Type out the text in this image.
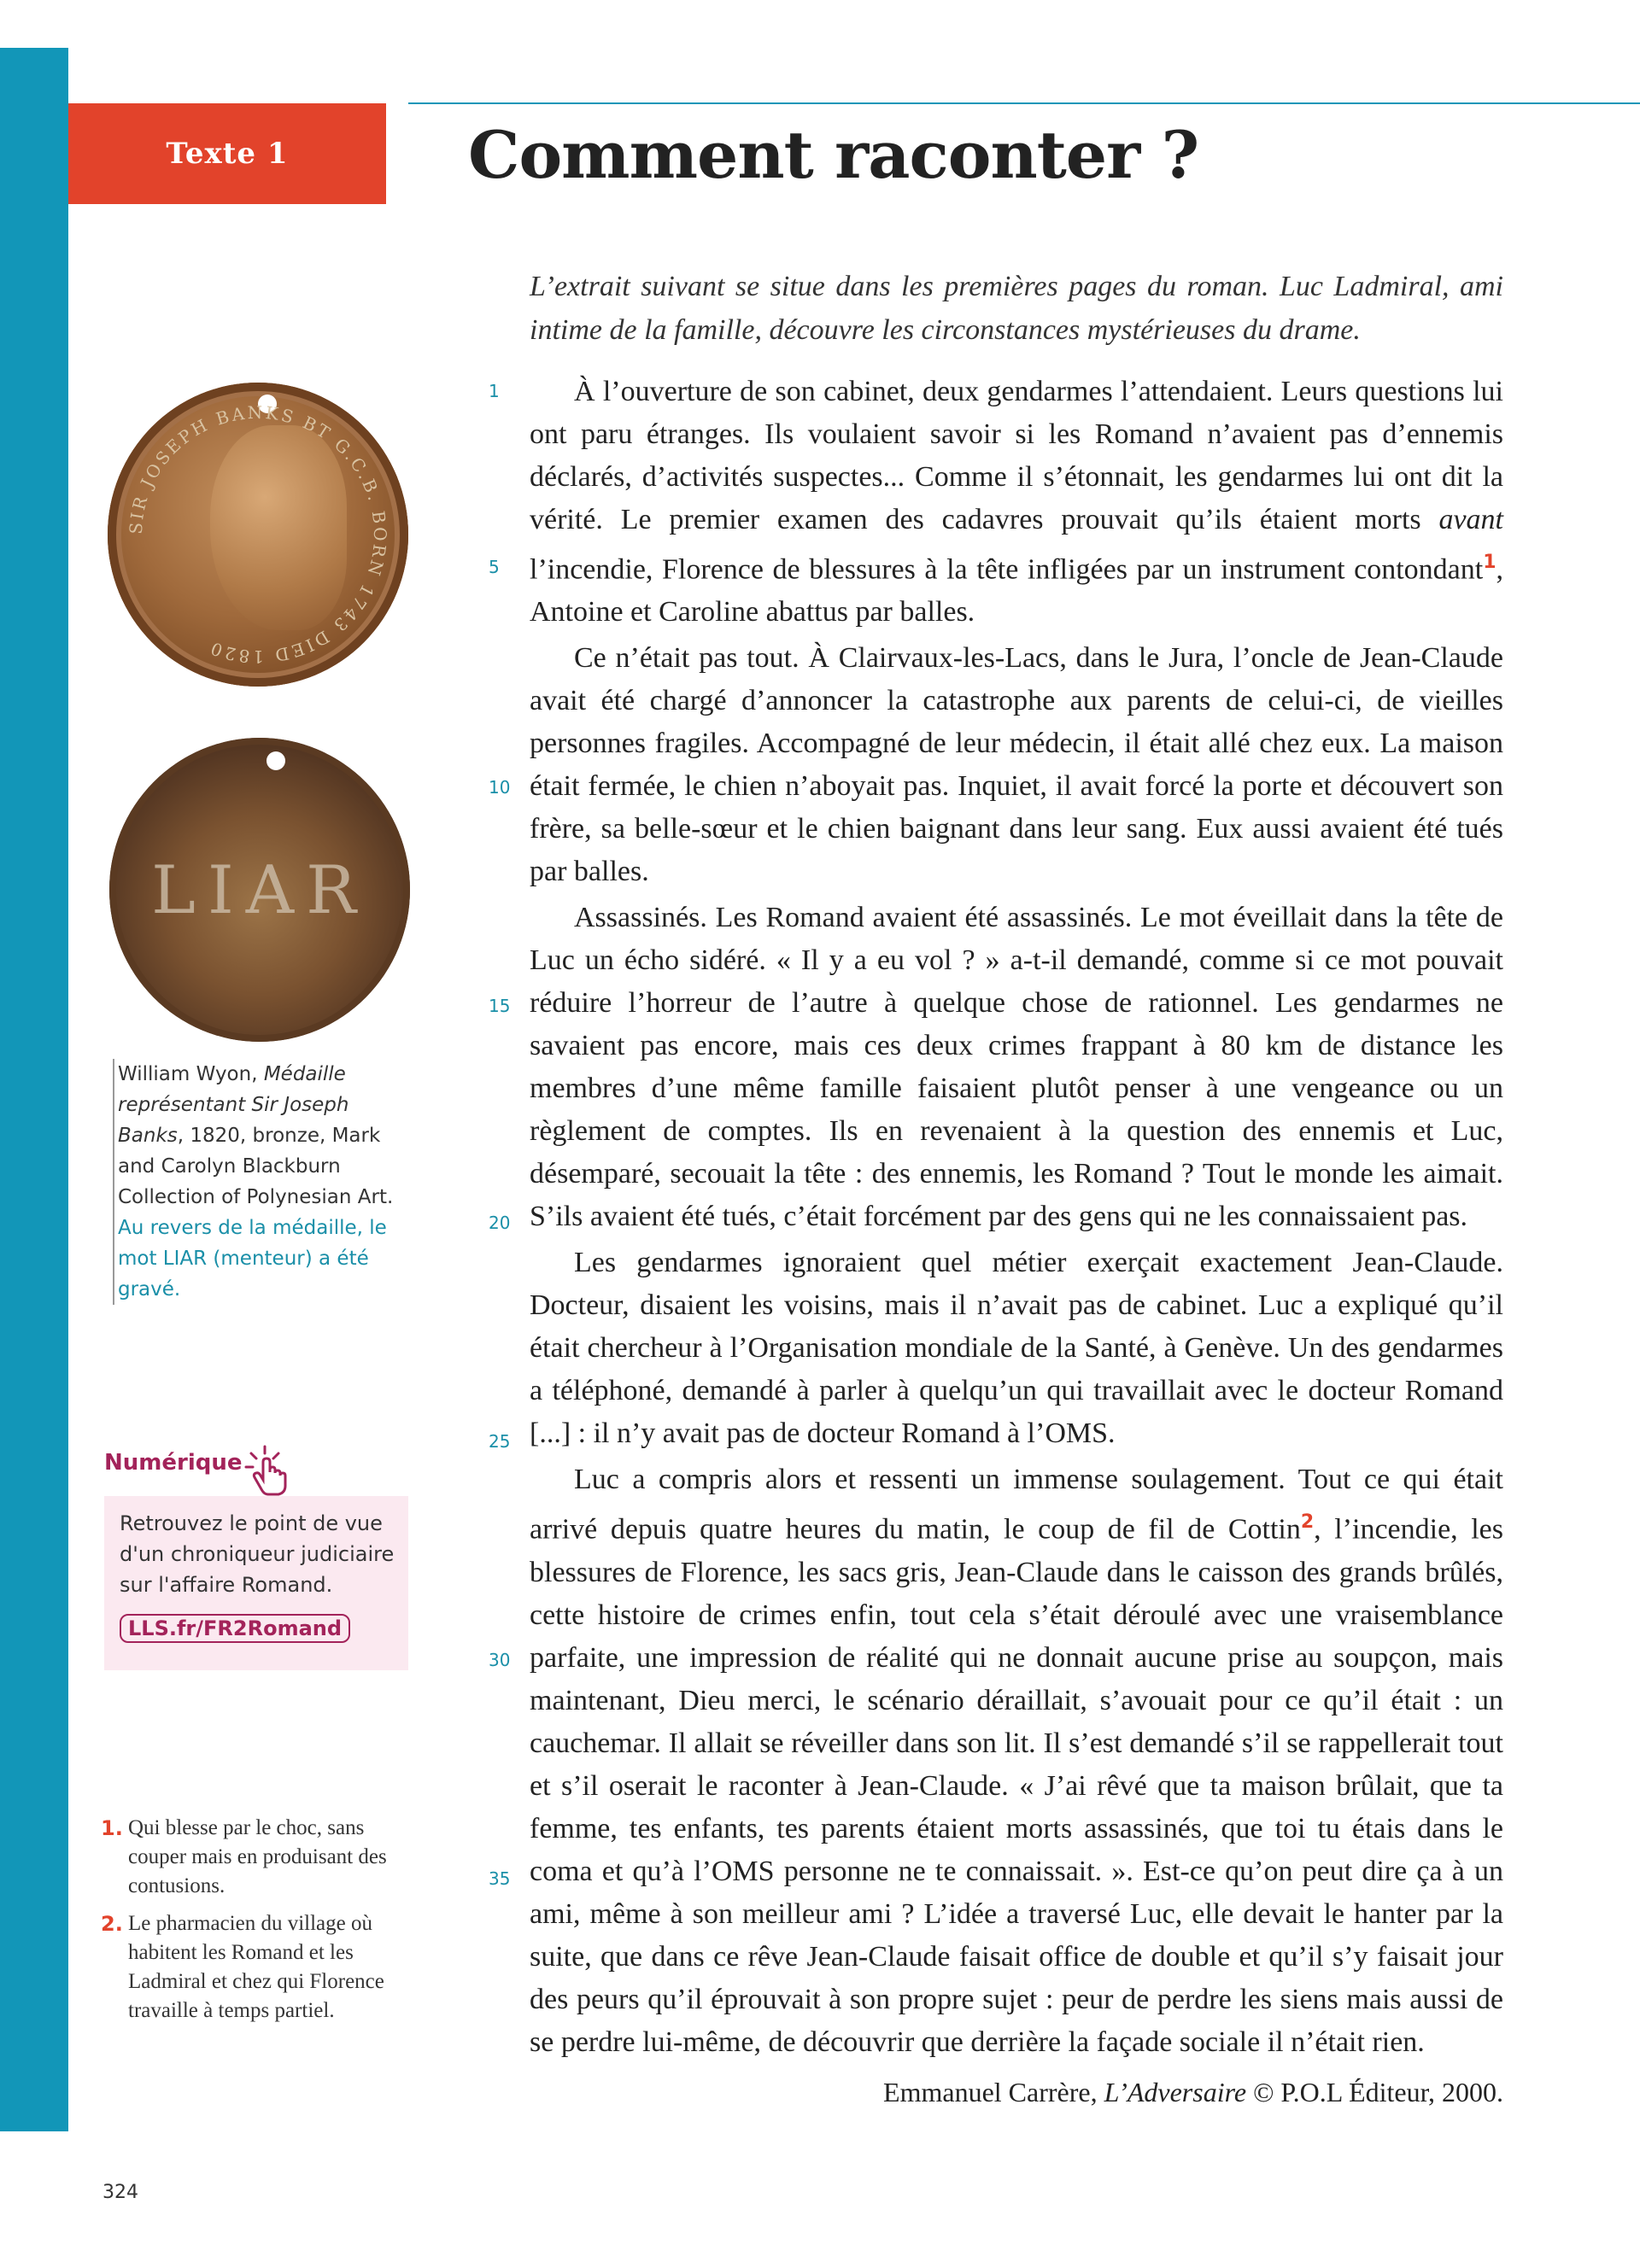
Texte 1	Comment raconter ?
SIR JOSEPH BANKS BT G.C.B. BORN 1743 DIED 1820
LIAR
William Wyon, Médaille représentant Sir Joseph Banks, 1820, bronze, Mark and Carolyn Blackburn Collection of Polynesian Art.
Au revers de la médaille, le mot LIAR (menteur) a été gravé.
Numérique
Retrouvez le point de vue d'un chroniqueur judiciaire sur l'affaire Romand.
LLS.fr/FR2Romand
1. Qui blesse par le choc, sans couper mais en produisant des contusions.
2. Le pharmacien du village où habitent les Romand et les Ladmiral et chez qui Florence travaille à temps partiel.

L’extrait suivant se situe dans les premières pages du roman. Luc Ladmiral, ami intime de la famille, découvre les circonstances mystérieuses du drame.

1
5
10
15
20
25
30
35

À l’ouverture de son cabinet, deux gendarmes l’attendaient. Leurs questions lui ont paru étranges. Ils voulaient savoir si les Romand n’avaient pas d’ennemis déclarés, d’activités suspectes... Comme il s’étonnait, les gendarmes lui ont dit la vérité. Le premier examen des cadavres prouvait qu’ils étaient morts avant l’incendie, Florence de blessures à la tête infligées par un instrument contondant$^1$, Antoine et Caroline abattus par balles.

Ce n’était pas tout. À Clairvaux-les-Lacs, dans le Jura, l’oncle de Jean-Claude avait été chargé d’annoncer la catastrophe aux parents de celui-ci, de vieilles personnes fragiles. Accompagné de leur médecin, il était allé chez eux. La maison était fermée, le chien n’aboyait pas. Inquiet, il avait forcé la porte et découvert son frère, sa belle-sœur et le chien baignant dans leur sang. Eux aussi avaient été tués par balles.

Assassinés. Les Romand avaient été assassinés. Le mot éveillait dans la tête de Luc un écho sidéré. « Il y a eu vol ? » a-t-il demandé, comme si ce mot pouvait réduire l’horreur de l’autre à quelque chose de rationnel. Les gendarmes ne savaient pas encore, mais ces deux crimes frappant à 80 km de distance les membres d’une même famille faisaient plutôt penser à une vengeance ou un règlement de comptes. Ils en revenaient à la question des ennemis et Luc, désemparé, secouait la tête : des ennemis, les Romand ? Tout le monde les aimait. S’ils avaient été tués, c’était forcément par des gens qui ne les connaissaient pas.

Les gendarmes ignoraient quel métier exerçait exactement Jean-Claude. Docteur, disaient les voisins, mais il n’avait pas de cabinet. Luc a expliqué qu’il était chercheur à l’Organisation mondiale de la Santé, à Genève. Un des gendarmes a téléphoné, demandé à parler à quelqu’un qui travaillait avec le docteur Romand [...] : il n’y avait pas de docteur Romand à l’OMS.

Luc a compris alors et ressenti un immense soulagement. Tout ce qui était arrivé depuis quatre heures du matin, le coup de fil de Cottin$^2$, l’incendie, les blessures de Florence, les sacs gris, Jean-Claude dans le caisson des grands brûlés, cette histoire de crimes enfin, tout cela s’était déroulé avec une vraisemblance parfaite, une impression de réalité qui ne donnait aucune prise au soupçon, mais maintenant, Dieu merci, le scénario déraillait, s’avouait pour ce qu’il était : un cauchemar. Il allait se réveiller dans son lit. Il s’est demandé s’il se rappellerait tout et s’il oserait le raconter à Jean-Claude. « J’ai rêvé que ta maison brûlait, que ta femme, tes enfants, tes parents étaient morts assassinés, que toi tu étais dans le coma et qu’à l’OMS personne ne te connaissait. ». Est-ce qu’on peut dire ça à un ami, même à son meilleur ami ? L’idée a traversé Luc, elle devait le hanter par la suite, que dans ce rêve Jean-Claude faisait office de double et qu’il s’y faisait jour des peurs qu’il éprouvait à son propre sujet : peur de perdre les siens mais aussi de se perdre lui-même, de découvrir que derrière la façade sociale il n’était rien.

Emmanuel Carrère, L’Adversaire © P.O.L Éditeur, 2000.
324
